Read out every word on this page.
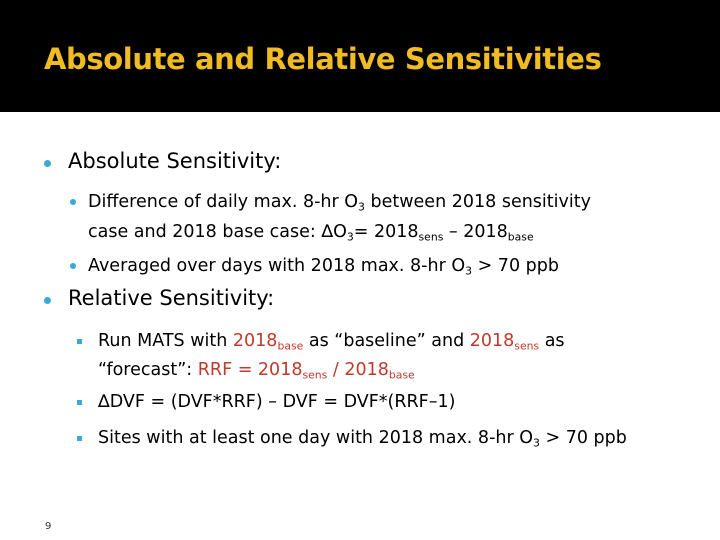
Absolute and Relative Sensitivities
Absolute Sensitivity:
Difference of daily max. 8-hr $O_3$ between 2018 sensitivity
case and 2018 base case: $\Delta O_3= 2018_{sens} - 2018_{base}$
Averaged over days with 2018 max. 8-hr $O_3 > 70$ ppb
Relative Sensitivity:
Run MATS with $2018_{base}$ as “baseline” and $2018_{sens}$ as
“forecast”: RRF = $2018_{sens} / 2018_{base}$
∆DVF = (DVF*RRF) – DVF = DVF*(RRF–1)
Sites with at least one day with 2018 max. 8-hr $O_3 > 70$ ppb
9
